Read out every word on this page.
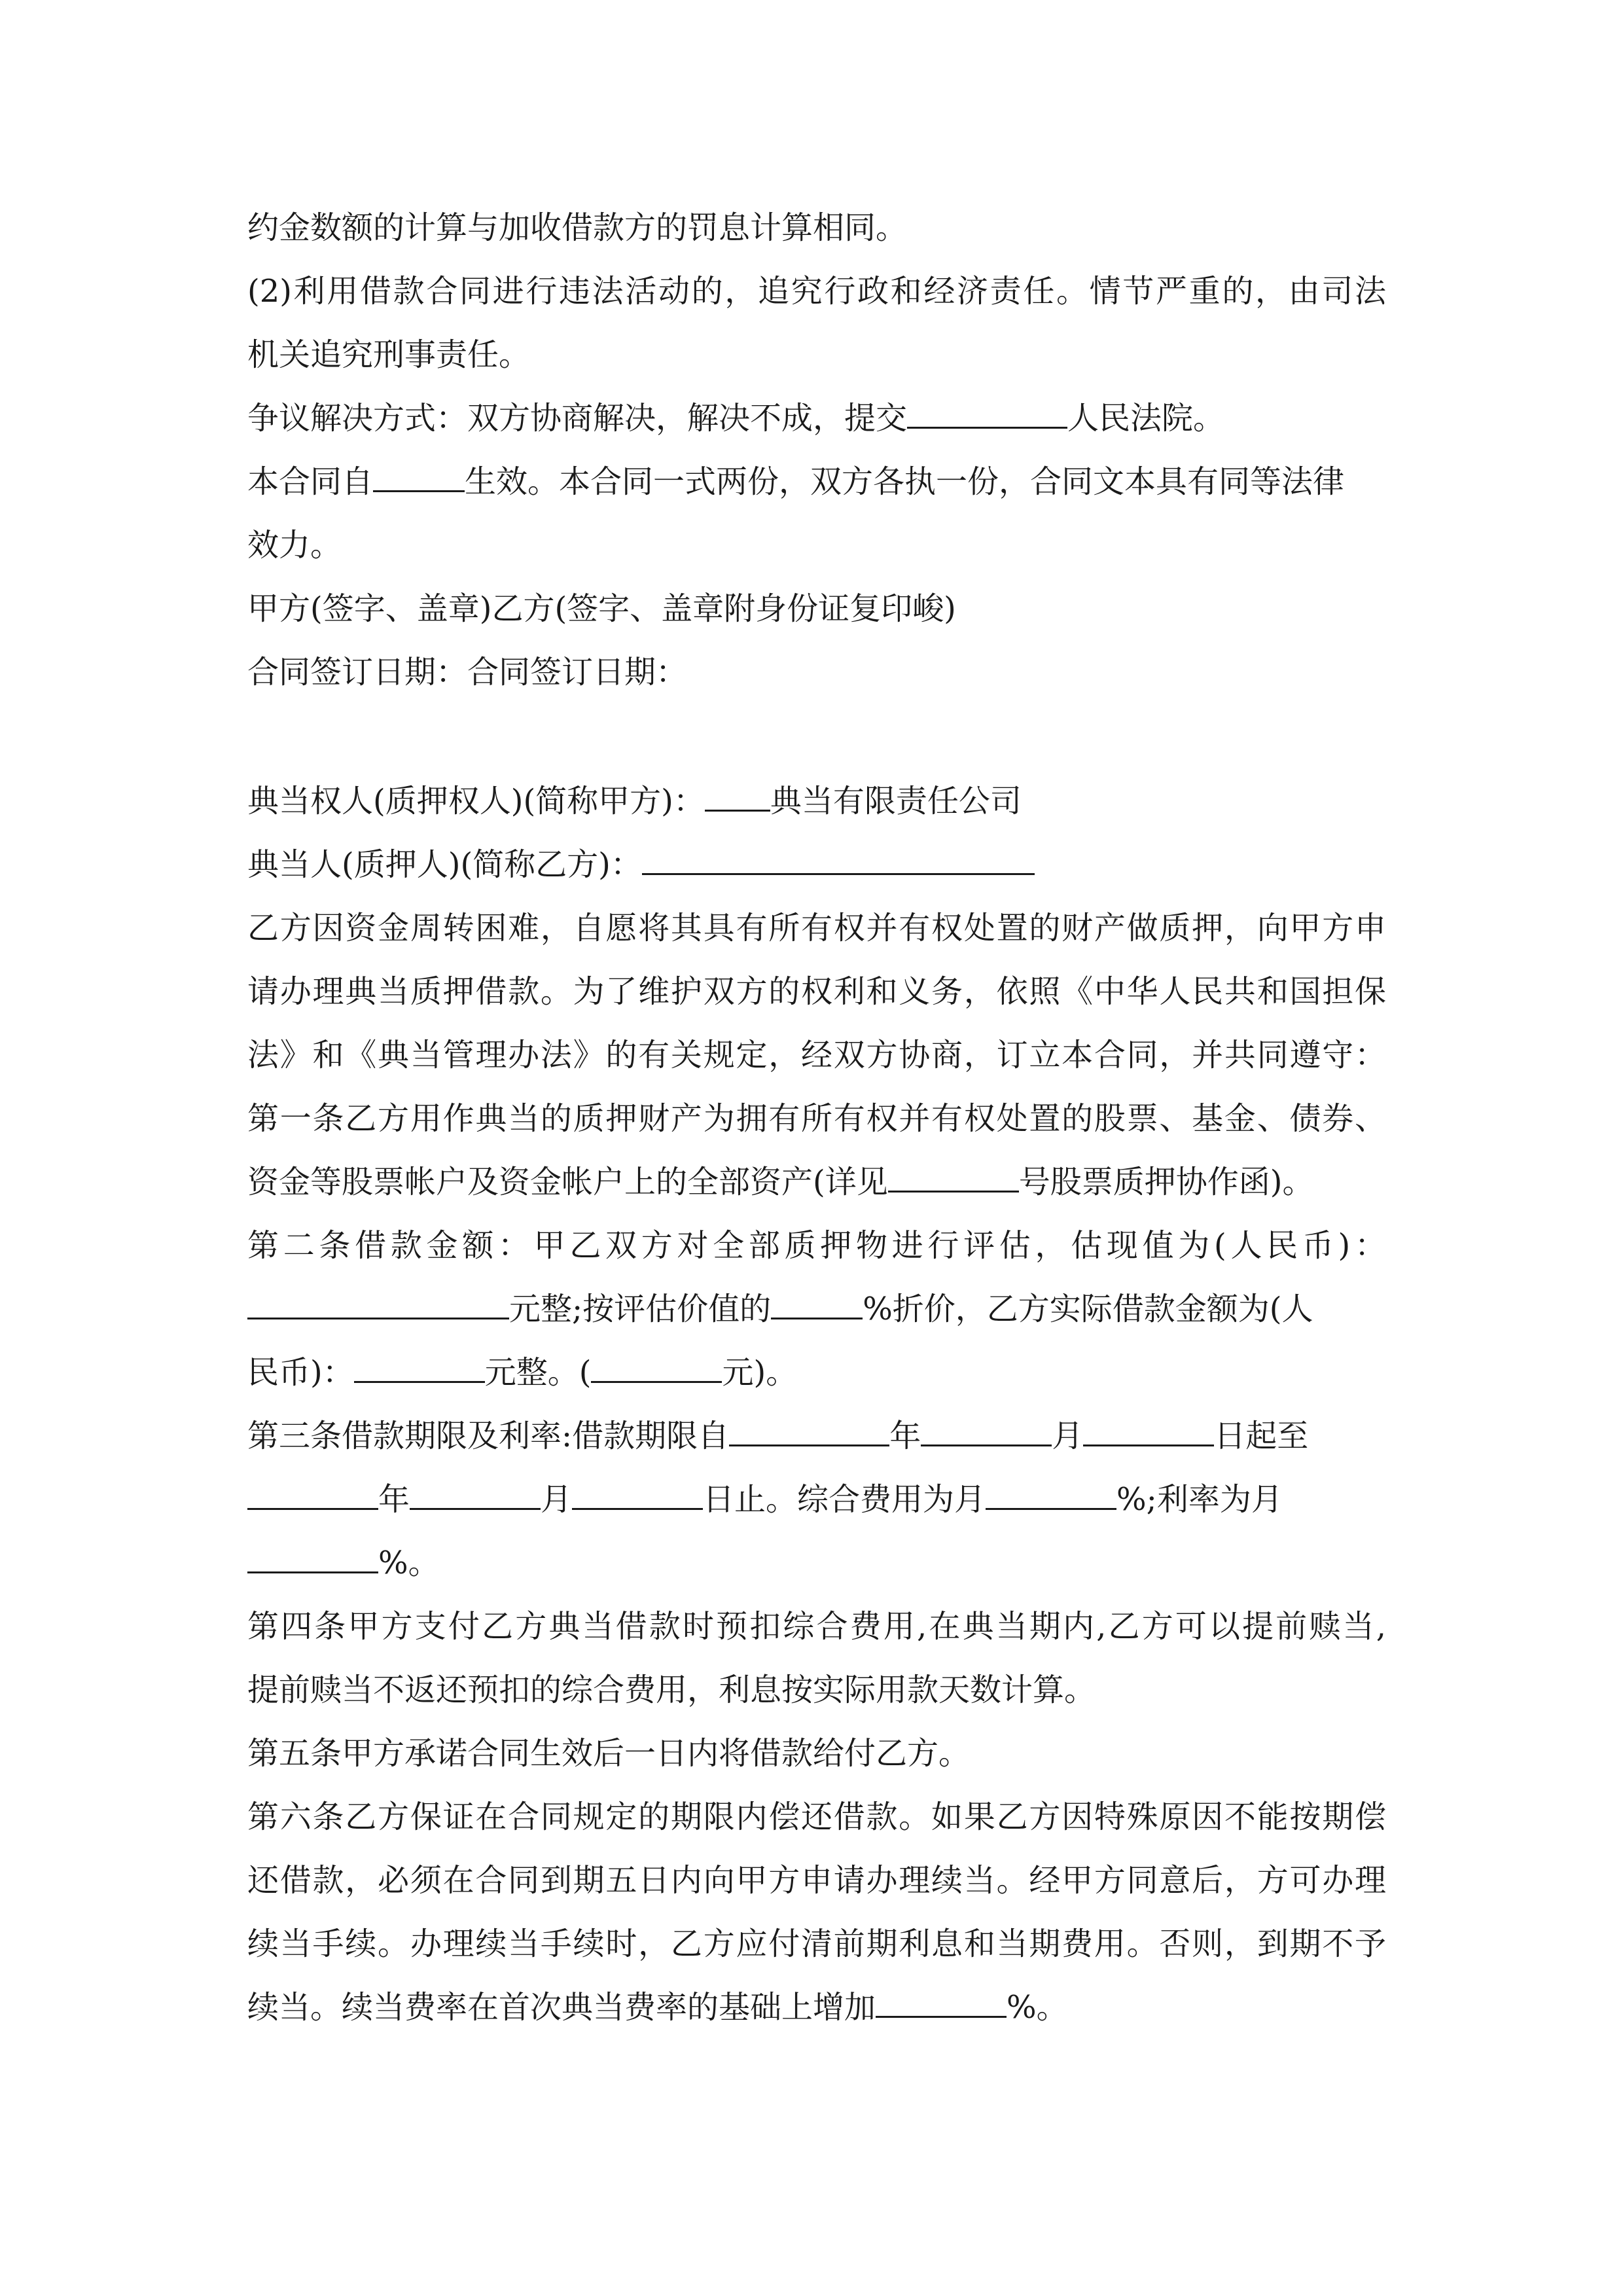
约金数额的计算与加收借款方的罚息计算相同。
(2)利用借款合同进行违法活动的，追究行政和经济责任。情节严重的，由司法
机关追究刑事责任。
争议解决方式：双方协商解决，解决不成，提交	人民法院。
本合同自	生效。本合同一式两份，双方各执一份，合同文本具有同等法律
效力。
甲方(签字、盖章)乙方(签字、盖章附身份证复印峻)
合同签订日期：合同签订日期：
典当权人(质押权人)(简称甲方)： 典当有限责任公司
典当人(质押人)(简称乙方)：
乙方因资金周转困难，自愿将其具有所有权并有权处置的财产做质押，向甲方申
请办理典当质押借款。为了维护双方的权利和义务，依照《中华人民共和国担保
法》和《典当管理办法》的有关规定，经双方协商，订立本合同，并共同遵守：
第一条乙方用作典当的质押财产为拥有所有权并有权处置的股票、基金、债券、
资金等股票帐户及资金帐户上的全部资产(详见	号股票质押协作函)。
第二条借款金额：甲乙双方对全部质押物进行评估，估现值为(人民币)：
元整;按评估价值的	%折价，乙方实际借款金额为(人
民币)：	元整。(	元)。
第三条借款期限及利率:借款期限自	年	月	日起至
年	月	日止。综合费用为月	%;利率为月
%。
第四条甲方支付乙方典当借款时预扣综合费用,在典当期内,乙方可以提前赎当,
提前赎当不返还预扣的综合费用，利息按实际用款天数计算。
第五条甲方承诺合同生效后一日内将借款给付乙方。
第六条乙方保证在合同规定的期限内偿还借款。如果乙方因特殊原因不能按期偿
还借款，必须在合同到期五日内向甲方申请办理续当。经甲方同意后，方可办理
续当手续。办理续当手续时，乙方应付清前期利息和当期费用。否则，到期不予
续当。续当费率在首次典当费率的基础上增加	%。
